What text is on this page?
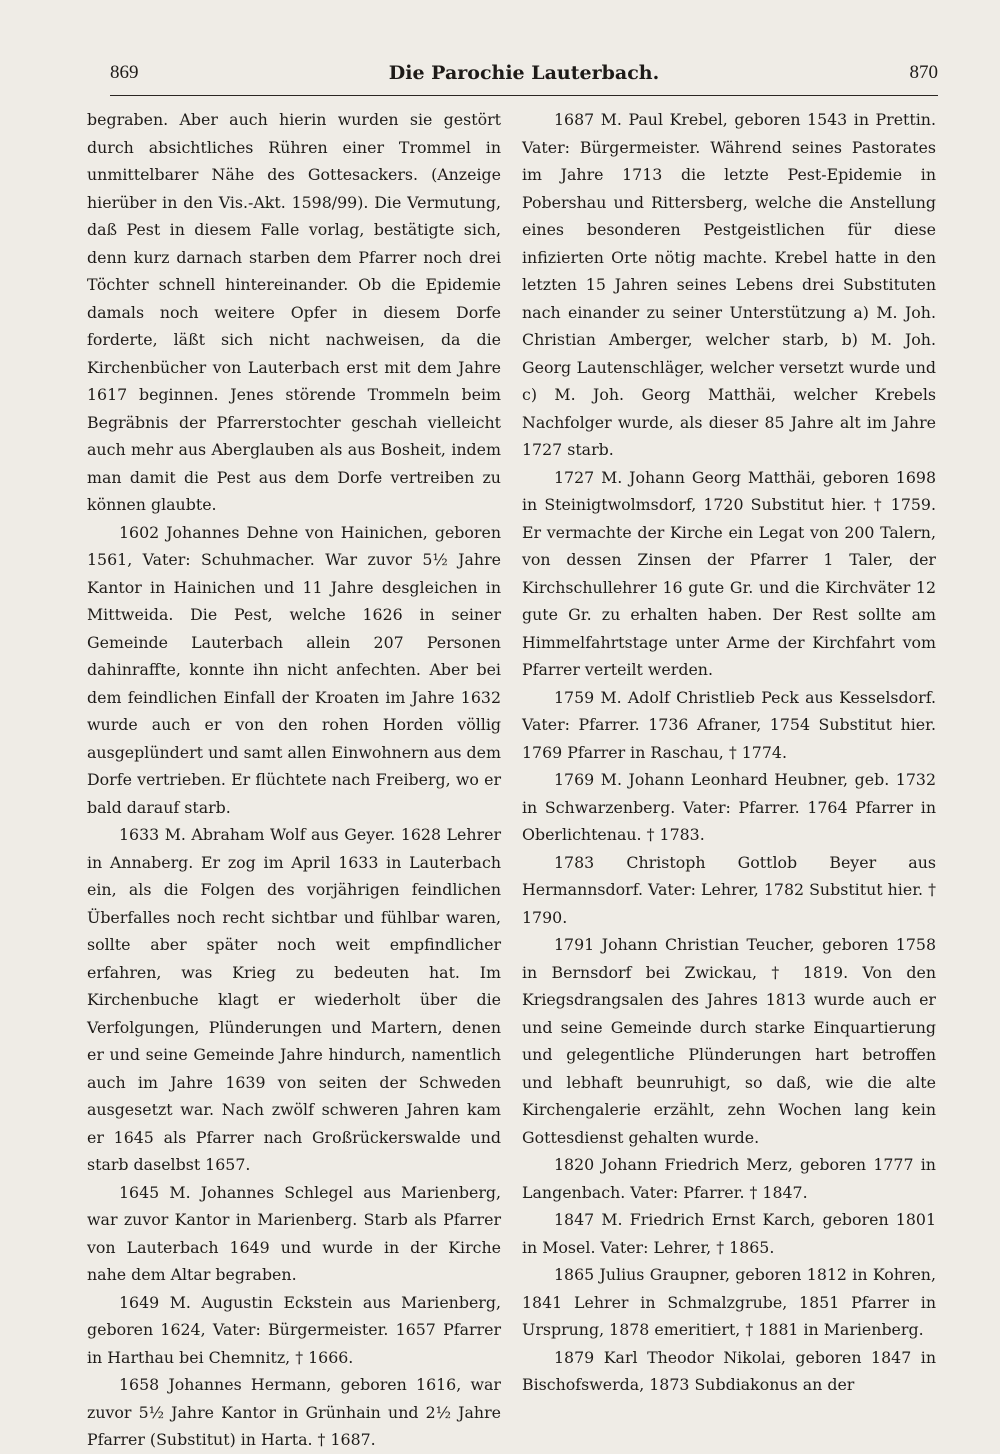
869	Die Parochie Lauterbach.	870

begraben. Aber auch hierin wurden sie gestört durch absichtliches Rühren einer Trommel in unmittelbarer Nähe des Gottesackers. (Anzeige hierüber in den Vis.-Akt. 1598/99). Die Vermutung, daß Pest in diesem Falle vorlag, bestätigte sich, denn kurz darnach starben dem Pfarrer noch drei Töchter schnell hintereinander. Ob die Epidemie damals noch weitere Opfer in diesem Dorfe forderte, läßt sich nicht nachweisen, da die Kirchenbücher von Lauterbach erst mit dem Jahre 1617 beginnen. Jenes störende Trommeln beim Begräbnis der Pfarrerstochter geschah vielleicht auch mehr aus Aberglauben als aus Bosheit, indem man damit die Pest aus dem Dorfe vertreiben zu können glaubte.

1602 Johannes Dehne von Hainichen, geboren 1561, Vater: Schuhmacher. War zuvor 5½ Jahre Kantor in Hainichen und 11 Jahre desgleichen in Mittweida. Die Pest, welche 1626 in seiner Gemeinde Lauterbach allein 207 Personen dahinraffte, konnte ihn nicht anfechten. Aber bei dem feindlichen Einfall der Kroaten im Jahre 1632 wurde auch er von den rohen Horden völlig ausgeplündert und samt allen Einwohnern aus dem Dorfe vertrieben. Er flüchtete nach Freiberg, wo er bald darauf starb.

1633 M. Abraham Wolf aus Geyer. 1628 Lehrer in Annaberg. Er zog im April 1633 in Lauterbach ein, als die Folgen des vorjährigen feindlichen Überfalles noch recht sichtbar und fühlbar waren, sollte aber später noch weit empfindlicher erfahren, was Krieg zu bedeuten hat. Im Kirchenbuche klagt er wiederholt über die Verfolgungen, Plünderungen und Martern, denen er und seine Gemeinde Jahre hindurch, namentlich auch im Jahre 1639 von seiten der Schweden ausgesetzt war. Nach zwölf schweren Jahren kam er 1645 als Pfarrer nach Großrückerswalde und starb daselbst 1657.

1645 M. Johannes Schlegel aus Marienberg, war zuvor Kantor in Marienberg. Starb als Pfarrer von Lauterbach 1649 und wurde in der Kirche nahe dem Altar begraben.

1649 M. Augustin Eckstein aus Marienberg, geboren 1624, Vater: Bürgermeister. 1657 Pfarrer in Harthau bei Chemnitz, † 1666.

1658 Johannes Hermann, geboren 1616, war zuvor 5½ Jahre Kantor in Grünhain und 2½ Jahre Pfarrer (Substitut) in Harta. † 1687.

1687 M. Paul Krebel, geboren 1543 in Prettin. Vater: Bürgermeister. Während seines Pastorates im Jahre 1713 die letzte Pest-Epidemie in Pobershau und Rittersberg, welche die Anstellung eines besonderen Pestgeistlichen für diese infizierten Orte nötig machte. Krebel hatte in den letzten 15 Jahren seines Lebens drei Substituten nach einander zu seiner Unterstützung a) M. Joh. Christian Amberger, welcher starb, b) M. Joh. Georg Lautenschläger, welcher versetzt wurde und c) M. Joh. Georg Matthäi, welcher Krebels Nachfolger wurde, als dieser 85 Jahre alt im Jahre 1727 starb.

1727 M. Johann Georg Matthäi, geboren 1698 in Steinigtwolmsdorf, 1720 Substitut hier. † 1759. Er vermachte der Kirche ein Legat von 200 Talern, von dessen Zinsen der Pfarrer 1 Taler, der Kirchschullehrer 16 gute Gr. und die Kirchväter 12 gute Gr. zu erhalten haben. Der Rest sollte am Himmelfahrtstage unter Arme der Kirchfahrt vom Pfarrer verteilt werden.

1759 M. Adolf Christlieb Peck aus Kesselsdorf. Vater: Pfarrer. 1736 Afraner, 1754 Substitut hier. 1769 Pfarrer in Raschau, † 1774.

1769 M. Johann Leonhard Heubner, geb. 1732 in Schwarzenberg. Vater: Pfarrer. 1764 Pfarrer in Oberlichtenau. † 1783.

1783 Christoph Gottlob Beyer aus Hermannsdorf. Vater: Lehrer, 1782 Substitut hier. † 1790.

1791 Johann Christian Teucher, geboren 1758 in Bernsdorf bei Zwickau, † 1819. Von den Kriegsdrangsalen des Jahres 1813 wurde auch er und seine Gemeinde durch starke Einquartierung und gelegentliche Plünderungen hart betroffen und lebhaft beunruhigt, so daß, wie die alte Kirchengalerie erzählt, zehn Wochen lang kein Gottesdienst gehalten wurde.

1820 Johann Friedrich Merz, geboren 1777 in Langenbach. Vater: Pfarrer. † 1847.

1847 M. Friedrich Ernst Karch, geboren 1801 in Mosel. Vater: Lehrer, † 1865.

1865 Julius Graupner, geboren 1812 in Kohren, 1841 Lehrer in Schmalzgrube, 1851 Pfarrer in Ursprung, 1878 emeritiert, † 1881 in Marienberg.

1879 Karl Theodor Nikolai, geboren 1847 in Bischofswerda, 1873 Subdiakonus an der
